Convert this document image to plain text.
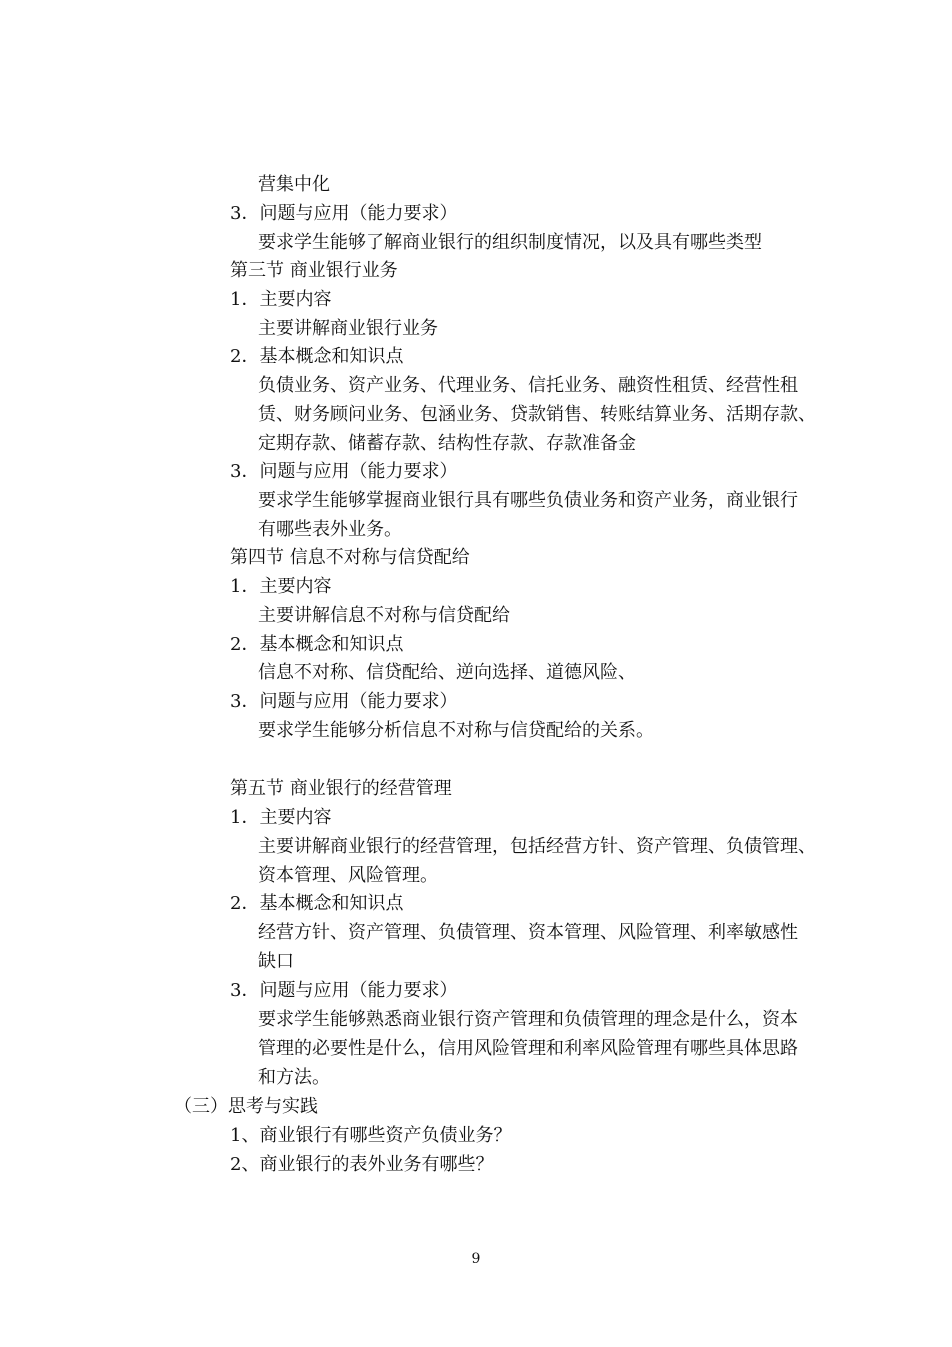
营集中化
3．问题与应用（能力要求）
要求学生能够了解商业银行的组织制度情况，以及具有哪些类型
第三节 商业银行业务
1．主要内容
主要讲解商业银行业务
2．基本概念和知识点
负债业务、资产业务、代理业务、信托业务、融资性租赁、经营性租
赁、财务顾问业务、包涵业务、贷款销售、转账结算业务、活期存款、
定期存款、储蓄存款、结构性存款、存款准备金
3．问题与应用（能力要求）
要求学生能够掌握商业银行具有哪些负债业务和资产业务，商业银行
有哪些表外业务。
第四节 信息不对称与信贷配给
1．主要内容
主要讲解信息不对称与信贷配给
2．基本概念和知识点
信息不对称、信贷配给、逆向选择、道德风险、
3．问题与应用（能力要求）
要求学生能够分析信息不对称与信贷配给的关系。
第五节 商业银行的经营管理
1．主要内容
主要讲解商业银行的经营管理，包括经营方针、资产管理、负债管理、
资本管理、风险管理。
2．基本概念和知识点
经营方针、资产管理、负债管理、资本管理、风险管理、利率敏感性
缺口
3．问题与应用（能力要求）
要求学生能够熟悉商业银行资产管理和负债管理的理念是什么，资本
管理的必要性是什么，信用风险管理和利率风险管理有哪些具体思路
和方法。
（三）思考与实践
1、商业银行有哪些资产负债业务？
2、商业银行的表外业务有哪些？
9
